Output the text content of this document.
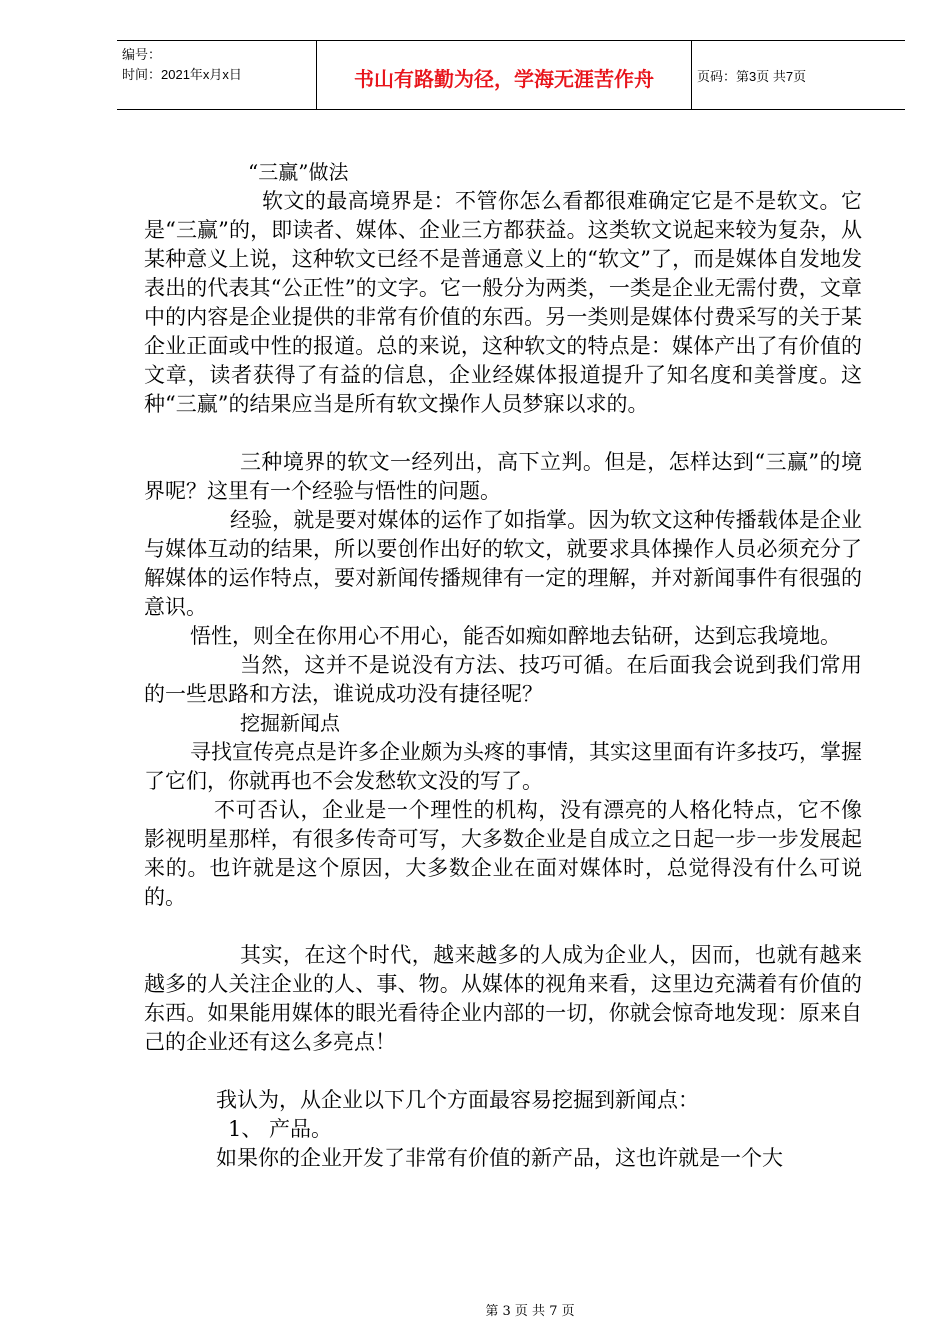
编号：
时间：2021年x月x日	书山有路勤为径，学海无涯苦作舟	页码：第3页 共7页

“三赢”做法

软文的最高境界是：不管你怎么看都很难确定它是不是软文。它是“三赢”的，即读者、媒体、企业三方都获益。这类软文说起来较为复杂，从某种意义上说，这种软文已经不是普通意义上的“软文”了，而是媒体自发地发表出的代表其“公正性”的文字。它一般分为两类，一类是企业无需付费，文章中的内容是企业提供的非常有价值的东西。另一类则是媒体付费采写的关于某企业正面或中性的报道。总的来说，这种软文的特点是：媒体产出了有价值的文章，读者获得了有益的信息，企业经媒体报道提升了知名度和美誉度。这种“三赢”的结果应当是所有软文操作人员梦寐以求的。

三种境界的软文一经列出，高下立判。但是，怎样达到“三赢”的境界呢？这里有一个经验与悟性的问题。

经验，就是要对媒体的运作了如指掌。因为软文这种传播载体是企业与媒体互动的结果，所以要创作出好的软文，就要求具体操作人员必须充分了解媒体的运作特点，要对新闻传播规律有一定的理解，并对新闻事件有很强的意识。

悟性，则全在你用心不用心，能否如痴如醉地去钻研，达到忘我境地。

当然，这并不是说没有方法、技巧可循。在后面我会说到我们常用的一些思路和方法，谁说成功没有捷径呢？

挖掘新闻点

寻找宣传亮点是许多企业颇为头疼的事情，其实这里面有许多技巧，掌握了它们，你就再也不会发愁软文没的写了。

不可否认，企业是一个理性的机构，没有漂亮的人格化特点，它不像影视明星那样，有很多传奇可写，大多数企业是自成立之日起一步一步发展起来的。也许就是这个原因，大多数企业在面对媒体时，总觉得没有什么可说的。

其实，在这个时代，越来越多的人成为企业人，因而，也就有越来越多的人关注企业的人、事、物。从媒体的视角来看，这里边充满着有价值的东西。如果能用媒体的眼光看待企业内部的一切，你就会惊奇地发现：原来自己的企业还有这么多亮点！

我认为，从企业以下几个方面最容易挖掘到新闻点：

1、 产品。

如果你的企业开发了非常有价值的新产品，这也许就是一个大

第 3 页 共 7 页
